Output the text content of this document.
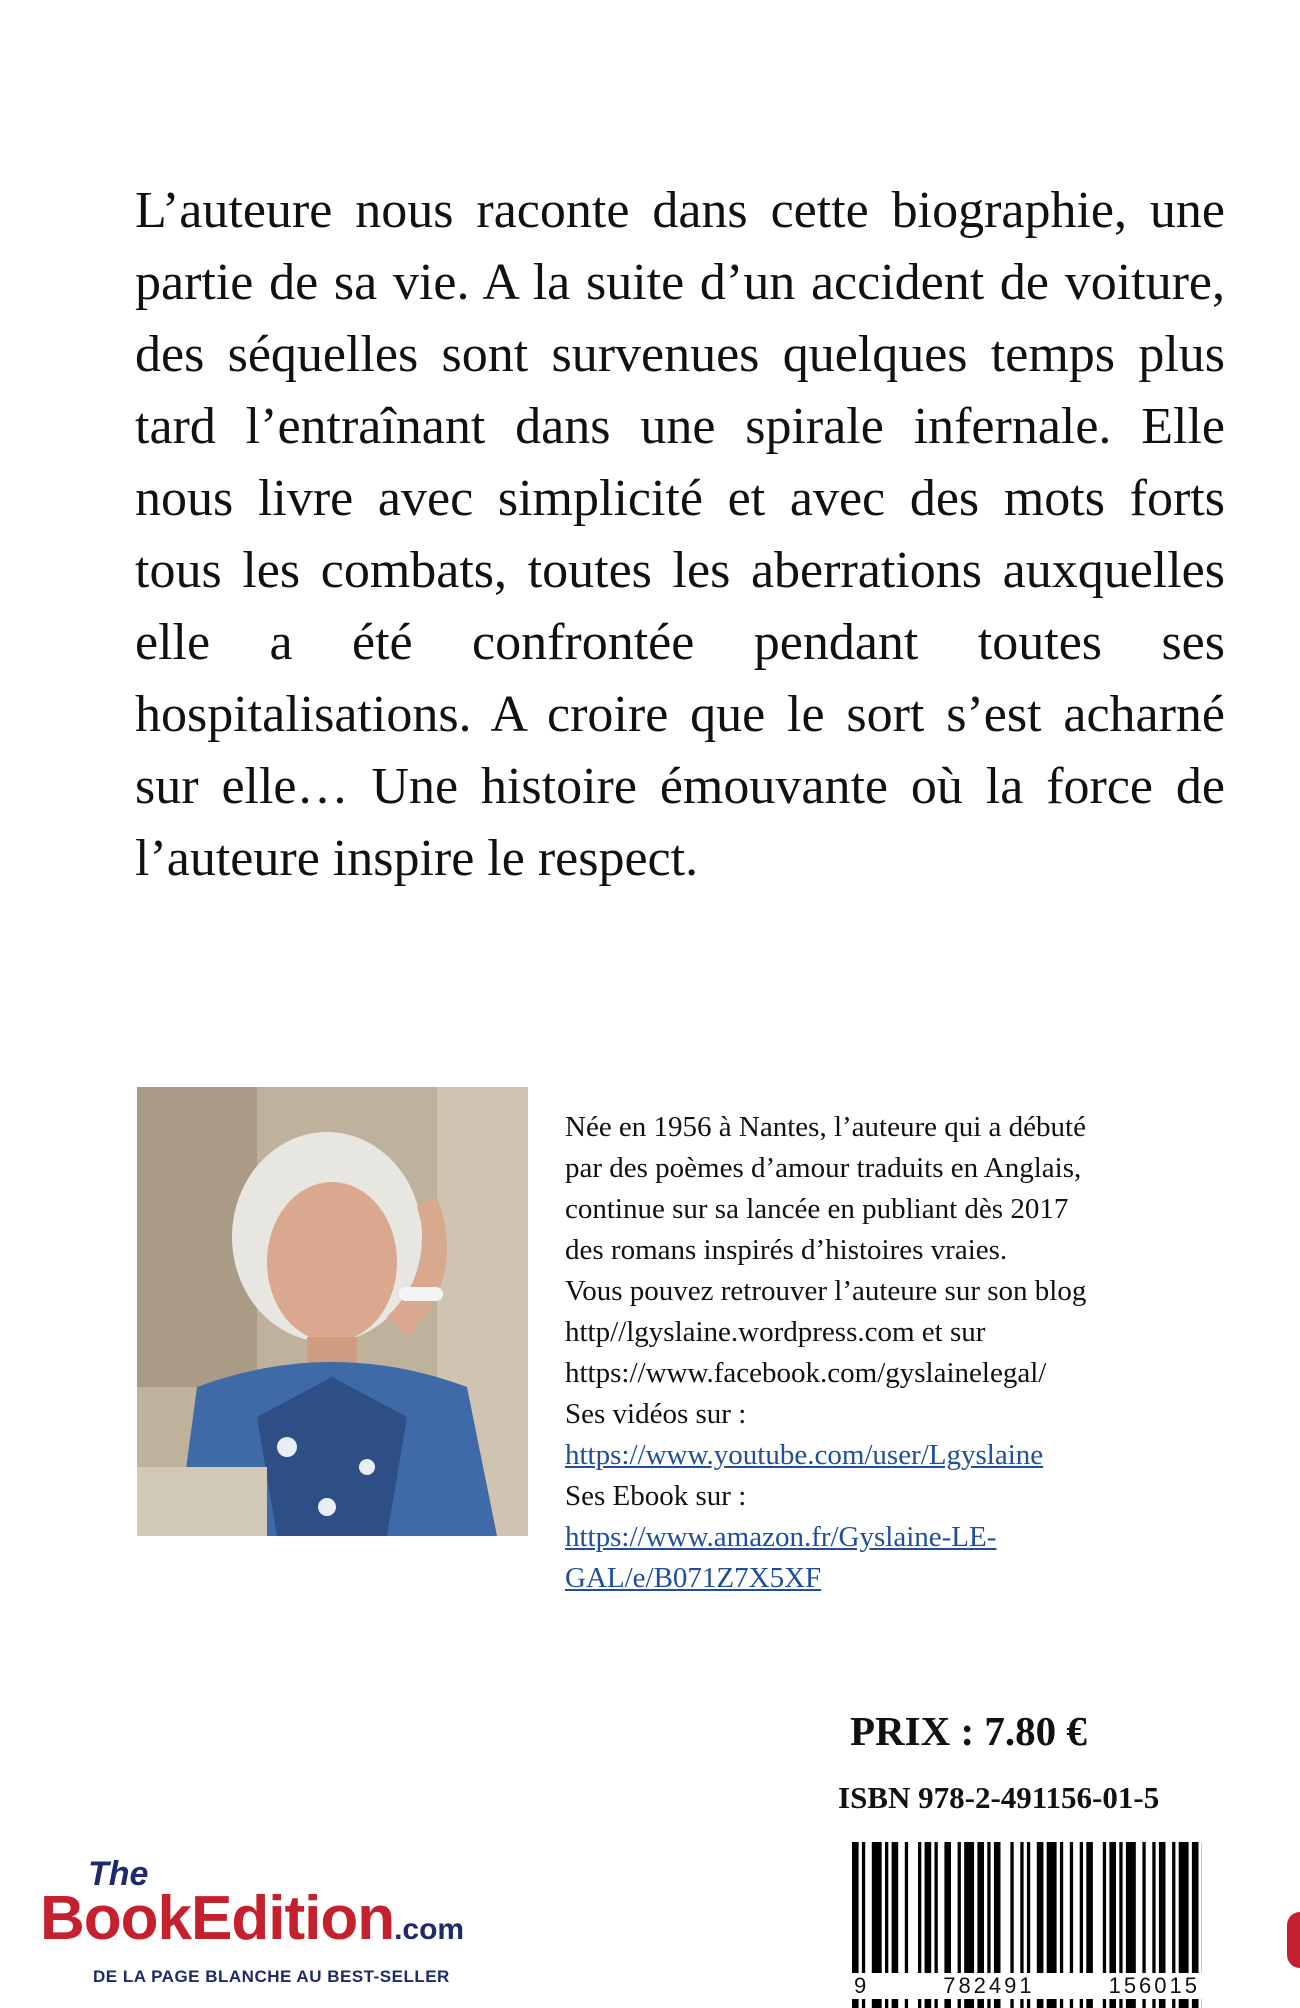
L’auteure nous raconte dans cette biographie, une partie de sa vie. A la suite d’un accident de voiture, des séquelles sont survenues quelques temps plus tard l’entraînant dans une spirale infernale. Elle nous livre avec simplicité et avec des mots forts tous les combats, toutes les aberrations auxquelles elle a été confrontée pendant toutes ses hospitalisations. A croire que le sort s’est acharné sur elle… Une histoire émouvante où la force de l’auteure inspire le respect.

Née en 1956 à Nantes, l’auteure qui a débuté
par des poèmes d’amour traduits en Anglais,
continue sur sa lancée en publiant dès 2017
des romans inspirés d’histoires vraies.
Vous pouvez retrouver l’auteure sur son blog
http//lgyslaine.wordpress.com et sur
https://www.facebook.com/gyslainelegal/
Ses vidéos sur :
https://www.youtube.com/user/Lgyslaine
Ses Ebook sur :
https://www.amazon.fr/Gyslaine-LE-
GAL/e/B071Z7X5XF

PRIX : 7.80 €

ISBN 978-2-491156-01-5

9	782491	156015
The
BookEdition.com
DE LA PAGE BLANCHE AU BEST-SELLER
